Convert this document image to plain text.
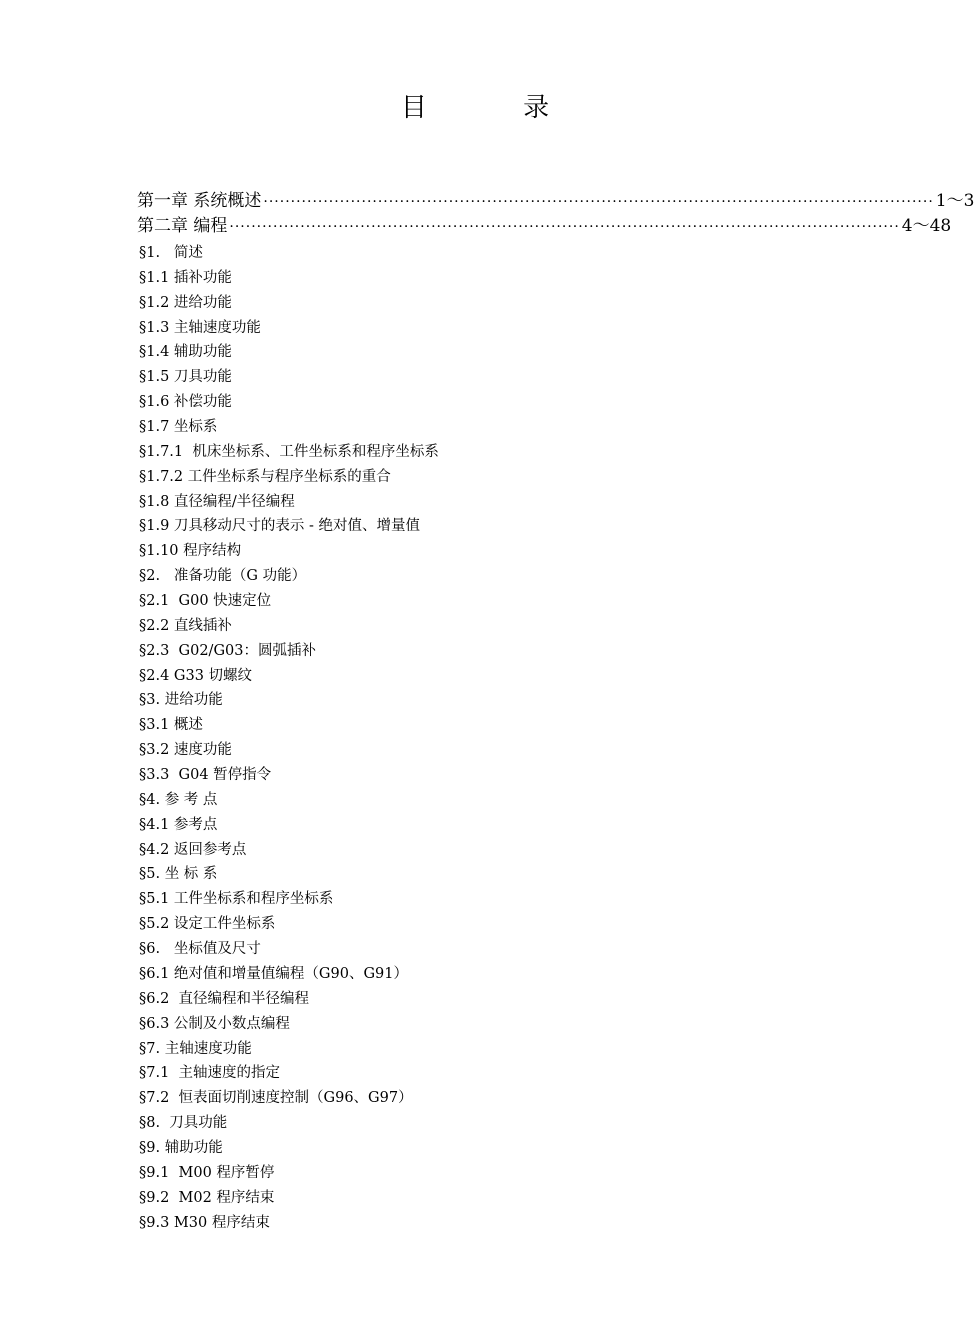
目 录
第一章 系统概述 ··························································································································· 1～3
第二章 编程 ··························································································································· 4～48
§1.   简述
§1.1 插补功能
§1.2 进给功能
§1.3 主轴速度功能
§1.4 辅助功能
§1.5 刀具功能
§1.6 补偿功能
§1.7 坐标系
§1.7.1  机床坐标系、工件坐标系和程序坐标系
§1.7.2 工件坐标系与程序坐标系的重合
§1.8 直径编程/半径编程
§1.9 刀具移动尺寸的表示 - 绝对值、增量值
§1.10 程序结构
§2.   准备功能（G 功能）
§2.1  G00 快速定位
§2.2 直线插补
§2.3  G02/G03：圆弧插补
§2.4 G33 切螺纹
§3. 进给功能
§3.1 概述
§3.2 速度功能
§3.3  G04 暂停指令
§4. 参 考 点
§4.1 参考点
§4.2 返回参考点
§5. 坐 标 系
§5.1 工件坐标系和程序坐标系
§5.2 设定工件坐标系
§6.   坐标值及尺寸
§6.1 绝对值和增量值编程（G90、G91）
§6.2  直径编程和半径编程
§6.3 公制及小数点编程
§7. 主轴速度功能
§7.1  主轴速度的指定
§7.2  恒表面切削速度控制（G96、G97）
§8.  刀具功能
§9. 辅助功能
§9.1  M00 程序暂停
§9.2  M02 程序结束
§9.3 M30 程序结束
